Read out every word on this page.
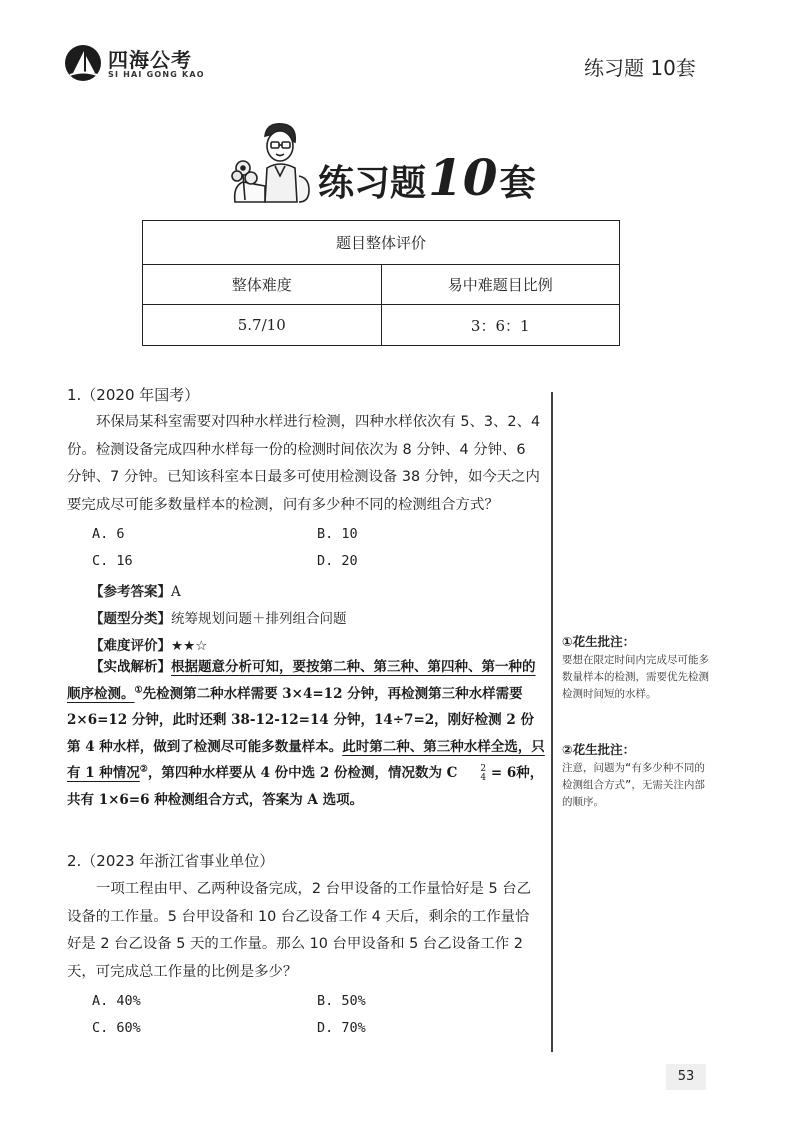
四海公考
SI HAI GONG KAO	练习题 10套
练习题10套
题目整体评价	
整体难度	易中难题目比例
5.7/10	3：6：1
1.（2020 年国考）

环保局某科室需要对四种水样进行检测，四种水样依次有 5、3、2、4 份。检测设备完成四种水样每一份的检测时间依次为 8 分钟、4 分钟、6 分钟、7 分钟。已知该科室本日最多可使用检测设备 38 分钟，如今天之内要完成尽可能多数量样本的检测，问有多少种不同的检测组合方式？

A. 6	B. 10
C. 16	D. 20
【参考答案】A
【题型分类】统筹规划问题＋排列组合问题
【难度评价】★★☆

【实战解析】根据题意分析可知，要按第二种、第三种、第四种、第一种的顺序检测。①先检测第二种水样需要 3×4=12 分钟，再检测第三种水样需要 2×6=12 分钟，此时还剩 38-12-12=14 分钟，14÷7=2，刚好检测 2 份第 4 种水样，做到了检测尽可能多数量样本。此时第二种、第三种水样全选，只有 1 种情况②，第四种水样要从 4 份中选 2 份检测，情况数为 C	2
4 = 6种，共有 1×6=6 种检测组合方式，答案为 A 选项。

①花生批注：

要想在限定时间内完成尽可能多数量样本的检测，需要优先检测检测时间短的水样。

②花生批注：

注意，问题为“有多少种不同的检测组合方式”，无需关注内部的顺序。

2.（2023 年浙江省事业单位）

一项工程由甲、乙两种设备完成，2 台甲设备的工作量恰好是 5 台乙设备的工作量。5 台甲设备和 10 台乙设备工作 4 天后，剩余的工作量恰好是 2 台乙设备 5 天的工作量。那么 10 台甲设备和 5 台乙设备工作 2 天，可完成总工作量的比例是多少？

A. 40%	B. 50%
C. 60%	D. 70%
53
